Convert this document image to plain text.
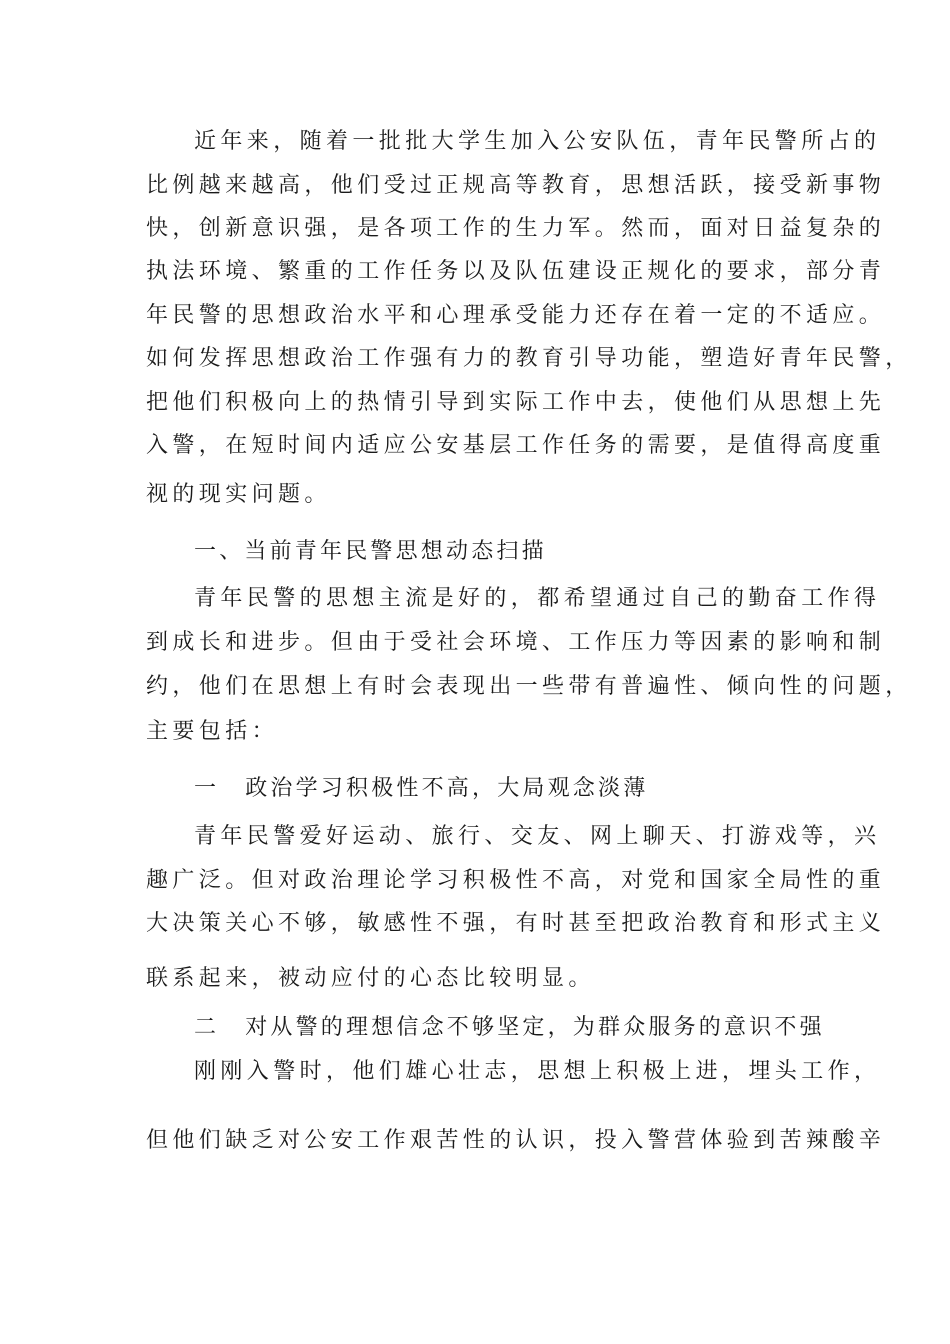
近年来，随着一批批大学生加入公安队伍，青年民警所占的
比例越来越高，他们受过正规高等教育，思想活跃，接受新事物
快，创新意识强，是各项工作的生力军。然而，面对日益复杂的
执法环境、繁重的工作任务以及队伍建设正规化的要求，部分青
年民警的思想政治水平和心理承受能力还存在着一定的不适应。
如何发挥思想政治工作强有力的教育引导功能，塑造好青年民警，
把他们积极向上的热情引导到实际工作中去，使他们从思想上先
入警，在短时间内适应公安基层工作任务的需要，是值得高度重
视的现实问题。
一、当前青年民警思想动态扫描
青年民警的思想主流是好的，都希望通过自己的勤奋工作得
到成长和进步。但由于受社会环境、工作压力等因素的影响和制
约，他们在思想上有时会表现出一些带有普遍性、倾向性的问题，
主要包括：
一 政治学习积极性不高，大局观念淡薄
青年民警爱好运动、旅行、交友、网上聊天、打游戏等，兴
趣广泛。但对政治理论学习积极性不高，对党和国家全局性的重
大决策关心不够，敏感性不强，有时甚至把政治教育和形式主义
联系起来，被动应付的心态比较明显。
二 对从警的理想信念不够坚定，为群众服务的意识不强
刚刚入警时，他们雄心壮志，思想上积极上进，埋头工作，
但他们缺乏对公安工作艰苦性的认识，投入警营体验到苦辣酸辛
